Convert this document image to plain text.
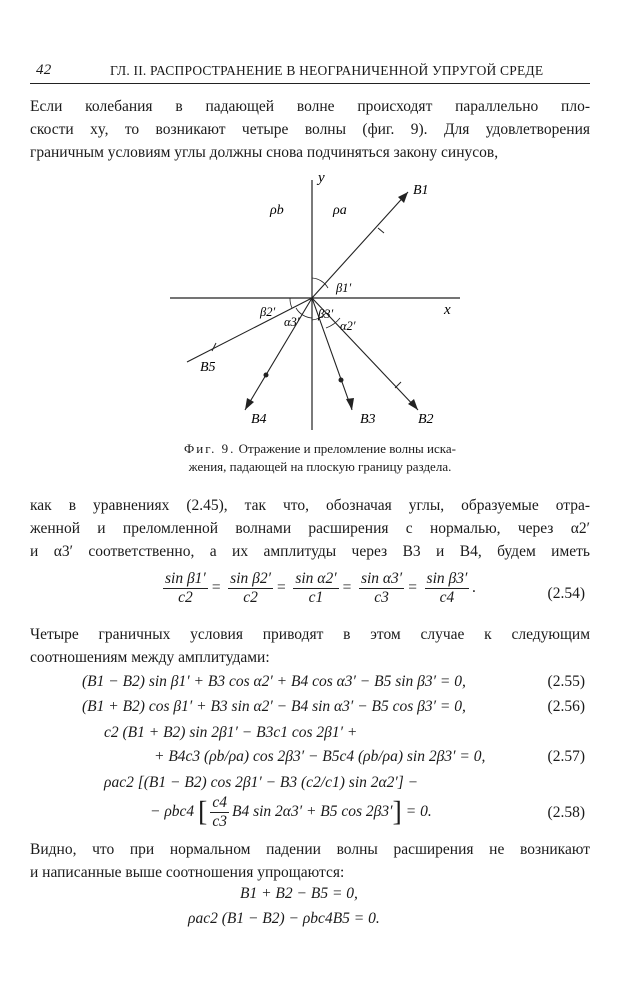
42	ГЛ. II. РАСПРОСТРАНЕНИЕ В НЕОГРАНИЧЕННОЙ УПРУГОЙ СРЕДЕ
Если колебания в падающей волне происходят параллельно пло-
скости xy, то возникают четыре волны (фиг. 9). Для удовлетворения
граничным условиям углы должны снова подчиняться закону синусов,
y
x
ρb	ρa
B1
B2
B3
B4
B5
β1′
β2′	β3′
α2′
α3′
Фиг. 9. Отражение и преломление волны иска-
жения, падающей на плоскую границу раздела.
как в уравнениях (2.45), так что, обозначая углы, образуемые отра-
женной и преломленной волнами расширения с нормалью, через α2′
и α3′ соответственно, а их амплитуды через B3 и B4, будем иметь
$\frac{\text{sin β1′}}{c2} = \frac{\text{sin β2′}}{c2} = \frac{\text{sin α2′}}{c1} = \frac{\text{sin α3′}}{c3} = \frac{\text{sin β3′}}{c4}$ .	(2.54)
Четыре граничных условия приводят в этом случае к следующим
соотношениям между амплитудами:
(B1 − B2) sin β1′ + B3 cos α2′ + B4 cos α3′ − B5 sin β3′ = 0,	(2.55)
(B1 + B2) cos β1′ + B3 sin α2′ − B4 sin α3′ − B5 cos β3′ = 0,	(2.56)
c2 (B1 + B2) sin 2β1′ − B3c1 cos 2β1′ +
+ B4c3 (ρb/ρa) cos 2β3′ − B5c4 (ρb/ρa) sin 2β3′ = 0,	(2.57)
ρac2 [(B1 − B2) cos 2β1′ − B3 (c2/c1) sin 2α2′] −
− ρbc4 [ $\frac{c4}{c3} B4$ sin 2α3′ + B5 cos 2β3′] = 0.	(2.58)
Видно, что при нормальном падении волны расширения не возникают
и написанные выше соотношения упрощаются:
B1 + B2 − B5 = 0,
ρac2 (B1 − B2) − ρbc4B5 = 0.
